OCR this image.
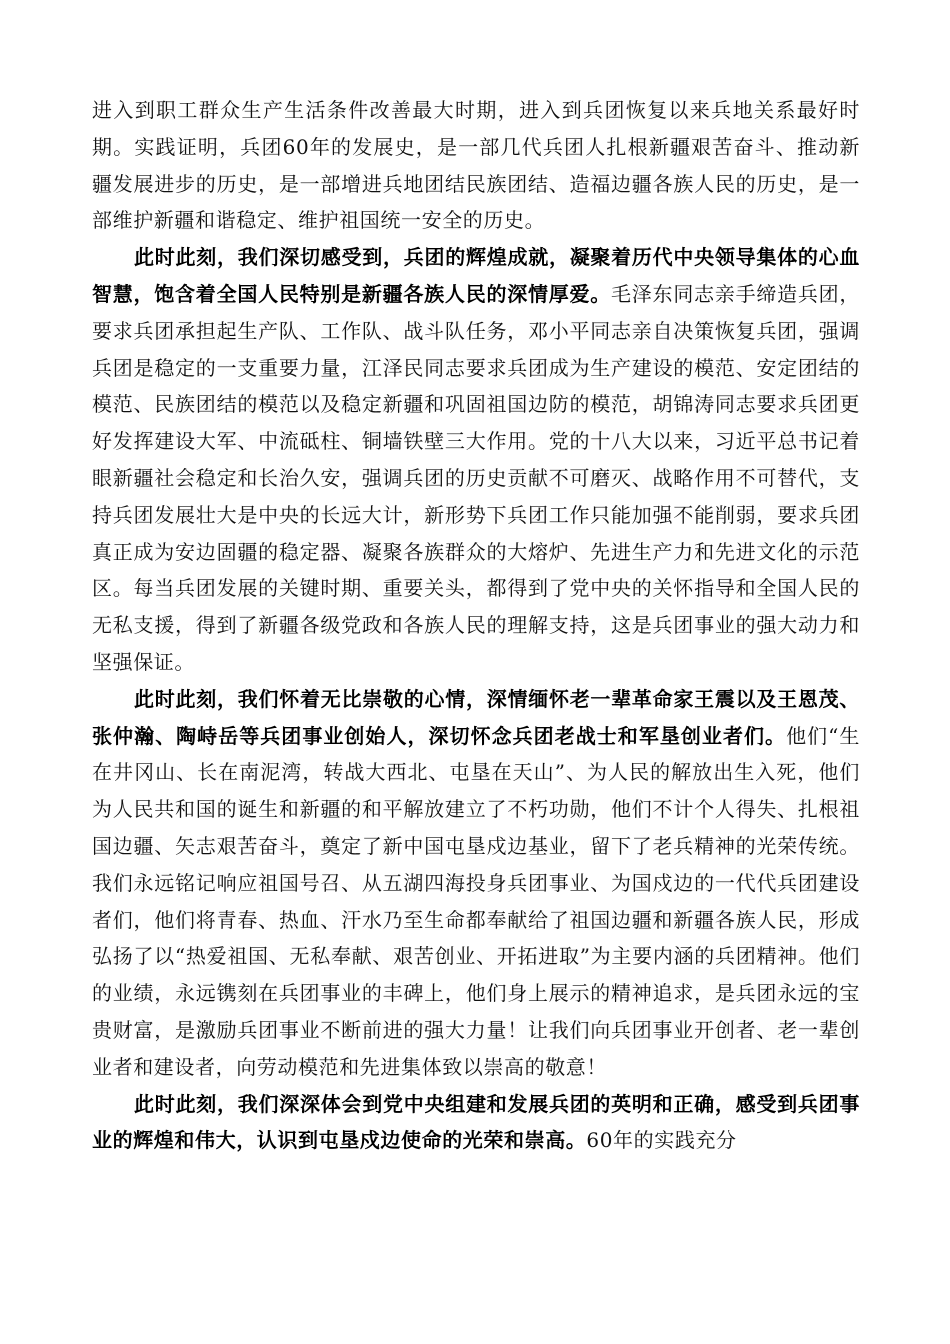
进入到职工群众生产生活条件改善最大时期，进入到兵团恢复以来兵地关系最好时期。实践证明，兵团60年的发展史，是一部几代兵团人扎根新疆艰苦奋斗、推动新疆发展进步的历史，是一部增进兵地团结民族团结、造福边疆各族人民的历史，是一部维护新疆和谐稳定、维护祖国统一安全的历史。

此时此刻，我们深切感受到，兵团的辉煌成就，凝聚着历代中央领导集体的心血智慧，饱含着全国人民特别是新疆各族人民的深情厚爱。毛泽东同志亲手缔造兵团，要求兵团承担起生产队、工作队、战斗队任务，邓小平同志亲自决策恢复兵团，强调兵团是稳定的一支重要力量，江泽民同志要求兵团成为生产建设的模范、安定团结的模范、民族团结的模范以及稳定新疆和巩固祖国边防的模范，胡锦涛同志要求兵团更好发挥建设大军、中流砥柱、铜墙铁壁三大作用。党的十八大以来，习近平总书记着眼新疆社会稳定和长治久安，强调兵团的历史贡献不可磨灭、战略作用不可替代，支持兵团发展壮大是中央的长远大计，新形势下兵团工作只能加强不能削弱，要求兵团真正成为安边固疆的稳定器、凝聚各族群众的大熔炉、先进生产力和先进文化的示范区。每当兵团发展的关键时期、重要关头，都得到了党中央的关怀指导和全国人民的无私支援，得到了新疆各级党政和各族人民的理解支持，这是兵团事业的强大动力和坚强保证。

此时此刻，我们怀着无比崇敬的心情，深情缅怀老一辈革命家王震以及王恩茂、张仲瀚、陶峙岳等兵团事业创始人，深切怀念兵团老战士和军垦创业者们。他们“生在井冈山、长在南泥湾，转战大西北、屯垦在天山”、为人民的解放出生入死，他们为人民共和国的诞生和新疆的和平解放建立了不朽功勋，他们不计个人得失、扎根祖国边疆、矢志艰苦奋斗，奠定了新中国屯垦戍边基业，留下了老兵精神的光荣传统。我们永远铭记响应祖国号召、从五湖四海投身兵团事业、为国戍边的一代代兵团建设者们，他们将青春、热血、汗水乃至生命都奉献给了祖国边疆和新疆各族人民，形成弘扬了以“热爱祖国、无私奉献、艰苦创业、开拓进取”为主要内涵的兵团精神。他们的业绩，永远镌刻在兵团事业的丰碑上，他们身上展示的精神追求，是兵团永远的宝贵财富，是激励兵团事业不断前进的强大力量！让我们向兵团事业开创者、老一辈创业者和建设者，向劳动模范和先进集体致以崇高的敬意！

此时此刻，我们深深体会到党中央组建和发展兵团的英明和正确，感受到兵团事业的辉煌和伟大，认识到屯垦戍边使命的光荣和崇高。60年的实践充分
